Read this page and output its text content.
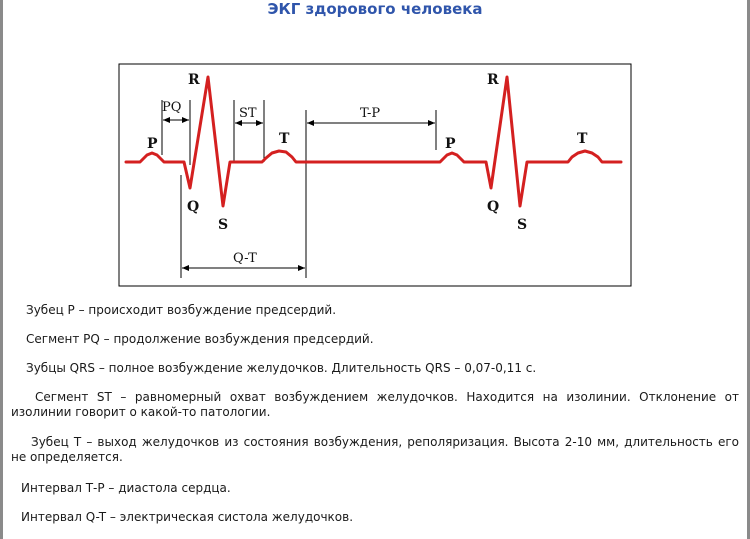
ЭКГ здорового человека
P
Q
R
S
T	P
Q
R
S
T
PQ	ST	T-P
Q-T

Зубец Р – происходит возбуждение предсердий.

Сегмент PQ – продолжение возбуждения предсердий.

Зубцы QRS – полное возбуждение желудочков. Длительность QRS – 0,07-0,11 с.

Сегмент ST – равномерный охват возбуждением желудочков. Находится на изолинии. Отклонение от изолинии говорит о какой-то патологии.

Зубец Т – выход желудочков из состояния возбуждения, реполяризация. Высота 2-10 мм, длительность его не определяется.

Интервал Т-Р – диастола сердца.

Интервал Q-T – электрическая систола желудочков.
